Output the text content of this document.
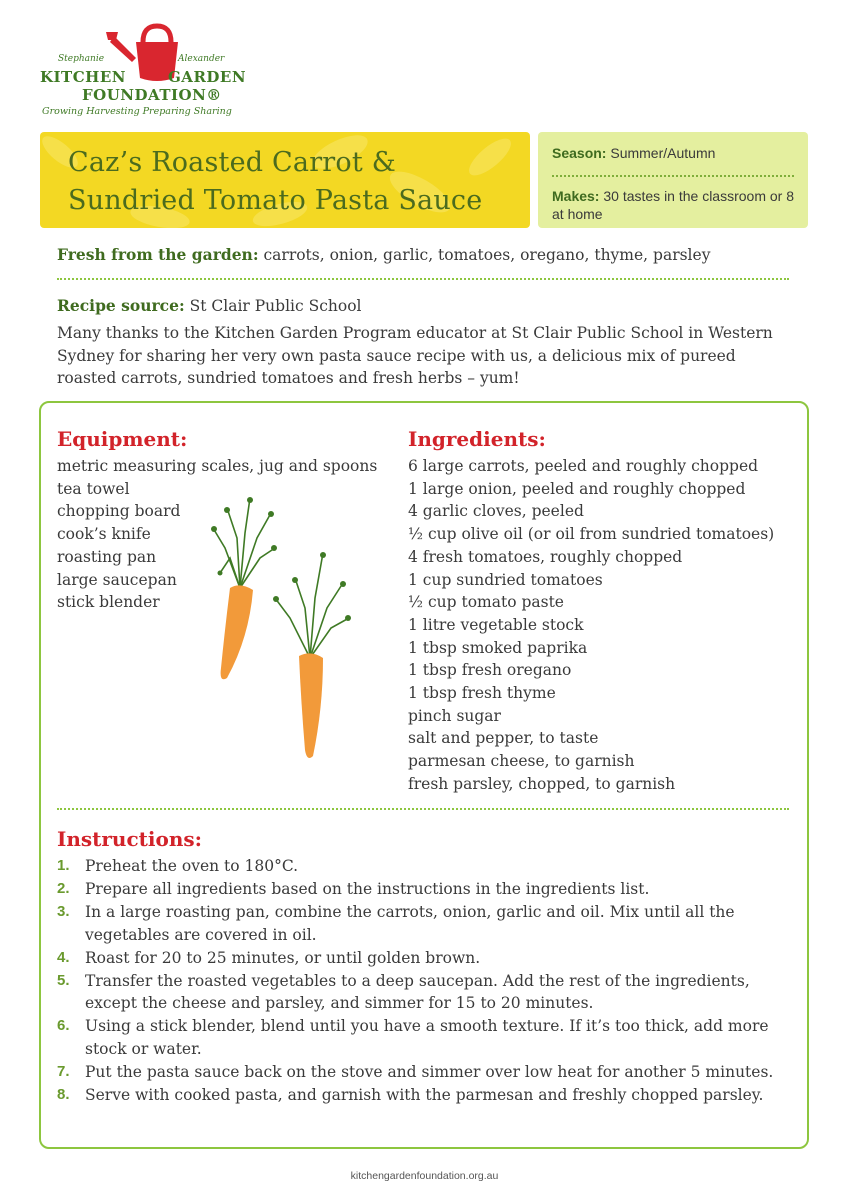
Stephanie	Alexander
KITCHEN	GARDEN
FOUNDATION®
Growing Harvesting Preparing Sharing
Caz’s Roasted Carrot &
Sundried Tomato Pasta Sauce
Season: Summer/Autumn
Makes: 30 tastes in the classroom or 8 at home
Fresh from the garden: carrots, onion, garlic, tomatoes, oregano, thyme, parsley
Recipe source: St Clair Public School

Many thanks to the Kitchen Garden Program educator at St Clair Public School in Western Sydney for sharing her very own pasta sauce recipe with us, a delicious mix of pureed roasted carrots, sundried tomatoes and fresh herbs – yum!

Equipment:
metric measuring scales, jug and spoons
tea towel
chopping board
cook’s knife
roasting pan
large saucepan
stick blender
Ingredients:
6 large carrots, peeled and roughly chopped
1 large onion, peeled and roughly chopped
4 garlic cloves, peeled
½ cup olive oil (or oil from sundried tomatoes)
4 fresh tomatoes, roughly chopped
1 cup sundried tomatoes
½ cup tomato paste
1 litre vegetable stock
1 tbsp smoked paprika
1 tbsp fresh oregano
1 tbsp fresh thyme
pinch sugar
salt and pepper, to taste
parmesan cheese, to garnish
fresh parsley, chopped, to garnish
Instructions:
1. Preheat the oven to 180°C.
2. Prepare all ingredients based on the instructions in the ingredients list.
3. In a large roasting pan, combine the carrots, onion, garlic and oil. Mix until all the vegetables are covered in oil.
4. Roast for 20 to 25 minutes, or until golden brown.
5. Transfer the roasted vegetables to a deep saucepan. Add the rest of the ingredients, except the cheese and parsley, and simmer for 15 to 20 minutes.
6. Using a stick blender, blend until you have a smooth texture. If it’s too thick, add more stock or water.
7. Put the pasta sauce back on the stove and simmer over low heat for another 5 minutes.
8. Serve with cooked pasta, and garnish with the parmesan and freshly chopped parsley.
kitchengardenfoundation.org.au
